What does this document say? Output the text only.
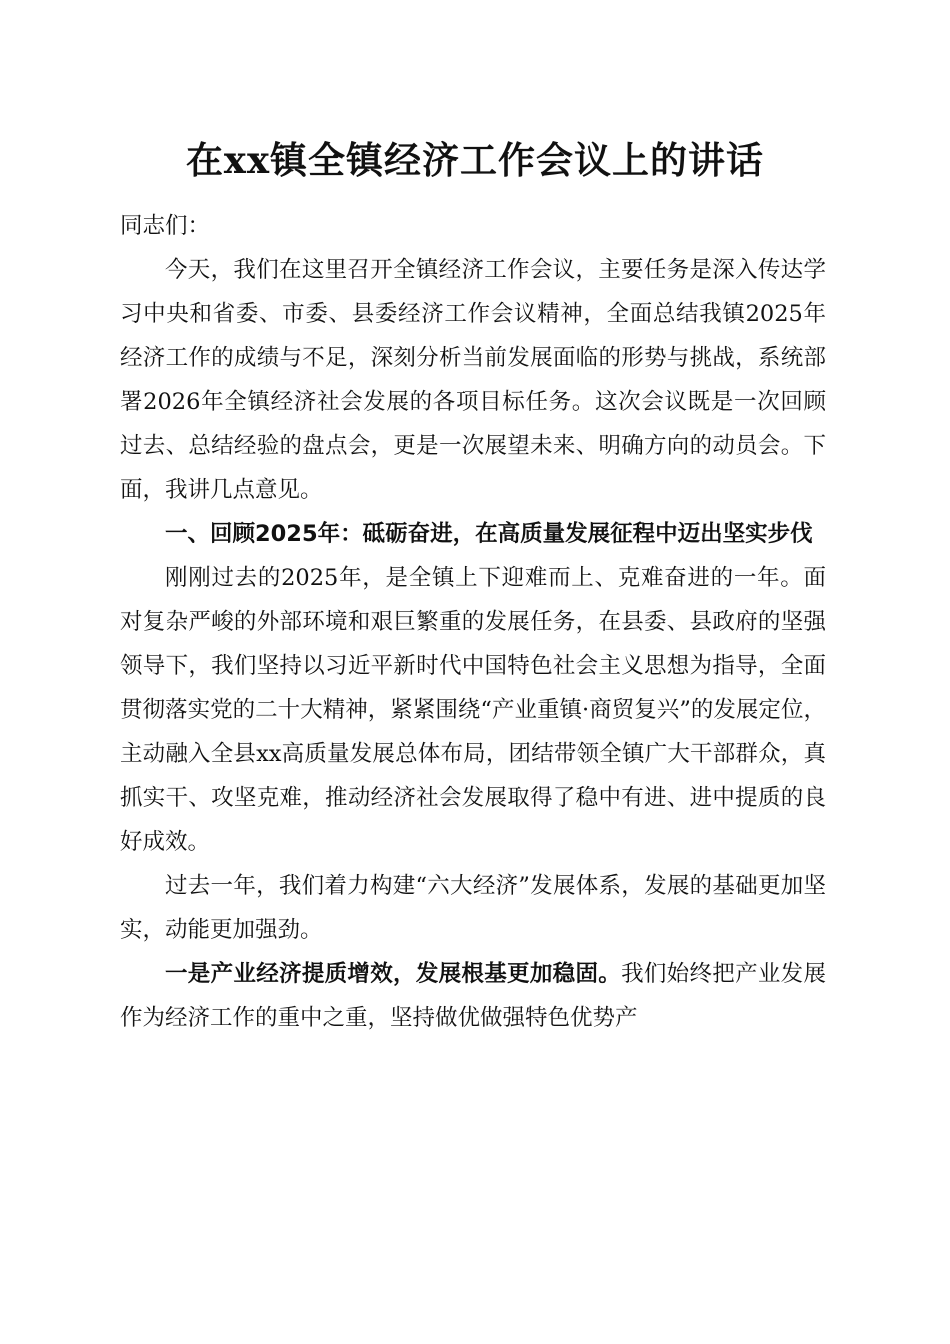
在xx镇全镇经济工作会议上的讲话

同志们：

今天，我们在这里召开全镇经济工作会议，主要任务是深入传达学习中央和省委、市委、县委经济工作会议精神，全面总结我镇2025年经济工作的成绩与不足，深刻分析当前发展面临的形势与挑战，系统部署2026年全镇经济社会发展的各项目标任务。这次会议既是一次回顾过去、总结经验的盘点会，更是一次展望未来、明确方向的动员会。下面，我讲几点意见。

一、回顾2025年：砥砺奋进，在高质量发展征程中迈出坚实步伐

刚刚过去的2025年，是全镇上下迎难而上、克难奋进的一年。面对复杂严峻的外部环境和艰巨繁重的发展任务，在县委、县政府的坚强领导下，我们坚持以习近平新时代中国特色社会主义思想为指导，全面贯彻落实党的二十大精神，紧紧围绕“产业重镇·商贸复兴”的发展定位，主动融入全县xx高质量发展总体布局，团结带领全镇广大干部群众，真抓实干、攻坚克难，推动经济社会发展取得了稳中有进、进中提质的良好成效。

过去一年，我们着力构建“六大经济”发展体系，发展的基础更加坚实，动能更加强劲。

一是产业经济提质增效，发展根基更加稳固。我们始终把产业发展作为经济工作的重中之重，坚持做优做强特色优势产
